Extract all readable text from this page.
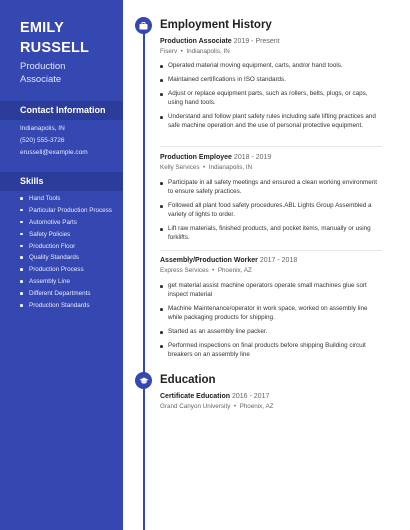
EMILY
RUSSELL
Production
Associate
Contact Information
Indianapolis, IN
(520) 555-3726
erussell@example.com
Skills
Hand Tools
Particular Production Process
Automotive Parts
Safety Policies
Production Floor
Quality Standards
Production Process
Assembly Line
Different Departments
Production Standards
Employment History
Production Associate 2019 - Present
Fiserv  •  Indianapolis, IN
Operated material moving equipment, carts, and/or hand tools.
Maintained certifications in ISO standards.
Adjust or replace equipment parts, such as rollers, belts, plugs, or caps, using hand tools.
Understand and follow plant safety rules including safe lifting practices and safe machine operation and the use of personal protective equipment.
Production Employee 2018 - 2019
Kelly Services  •  Indianapolis, IN
Participate in all safety meetings and ensured a clean working environment to ensure safety practices.
Followed all plant food safety procedures.ABL Lights Group Assembled a variety of lights to order.
Lift raw materials, finished products, and pocket items, manually or using forklifts.
Assembly/Production Worker 2017 - 2018
Express Services  •  Phoenix, AZ
get material assist machine operators operate small machines glue sort inspect material
Machine Maintenance/operator in work space, worked on assembly line while packaging products for shipping.
Started as an assembly line packer.
Performed inspections on final products before shipping Building circuit breakers on an assembly line
Education
Certificate Education 2016 - 2017
Grand Canyon University  •  Phoenix, AZ
